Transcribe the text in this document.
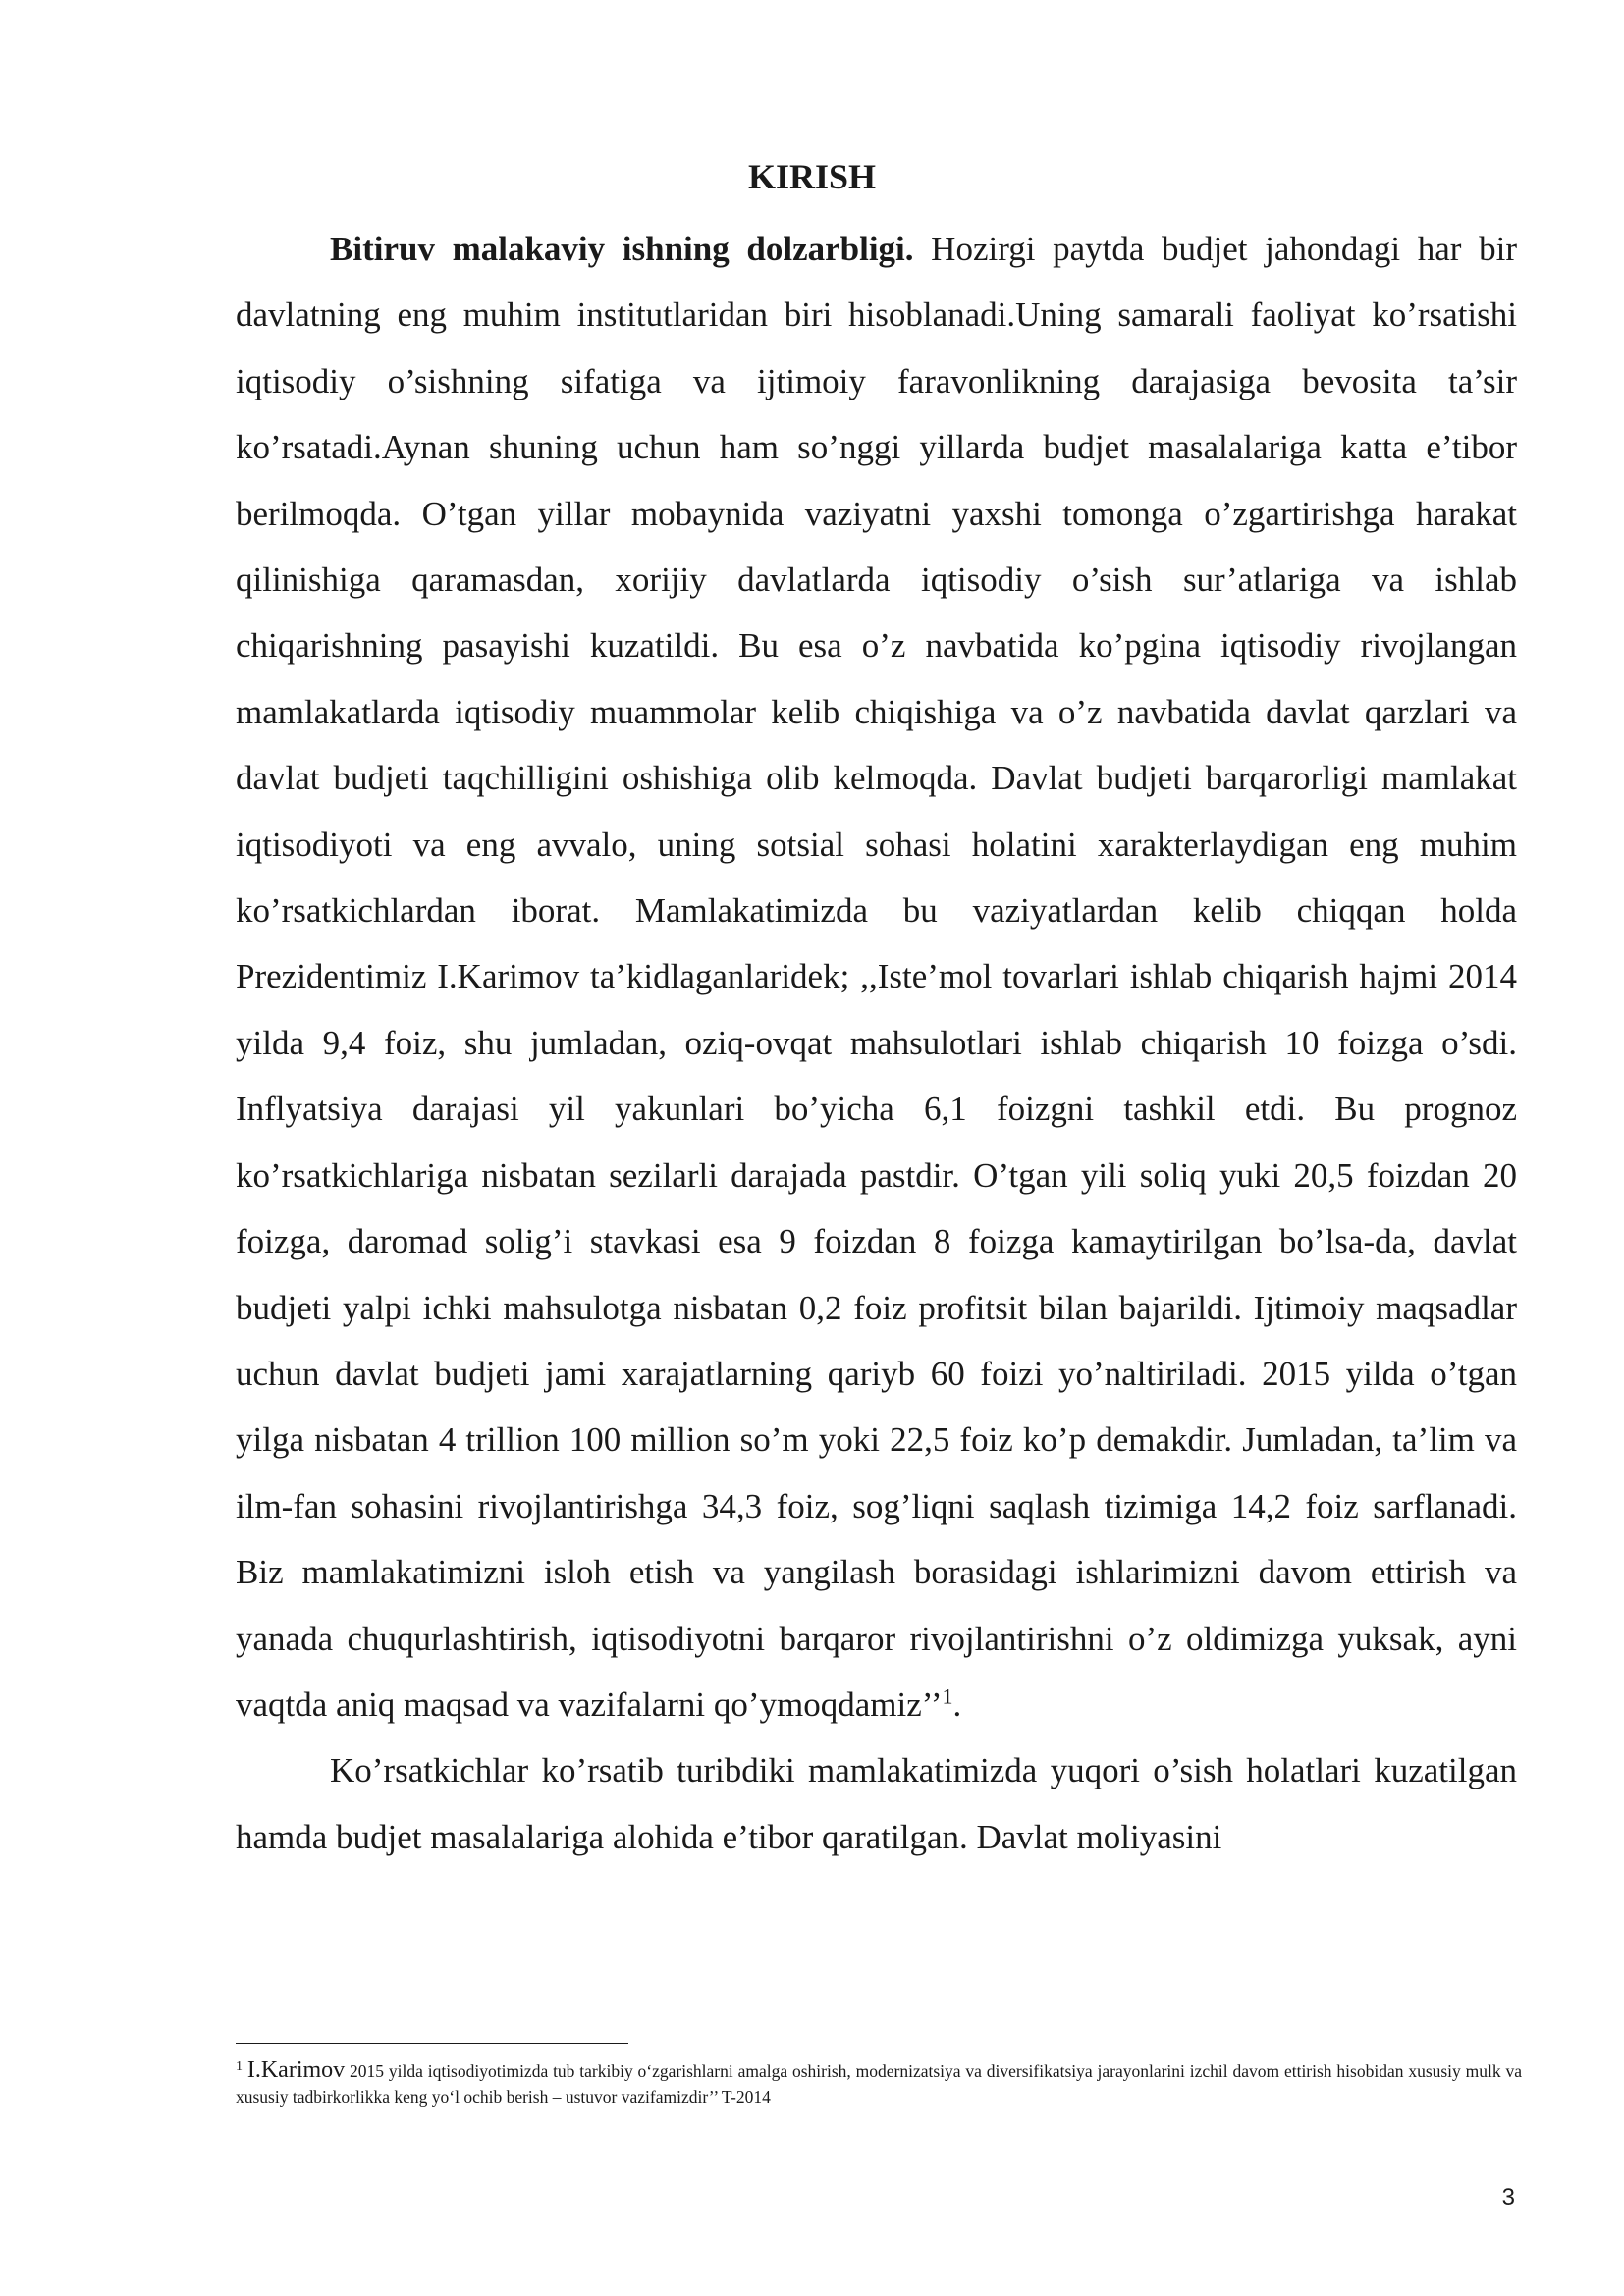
KIRISH

Bitiruv malakaviy ishning dolzarbligi. Hozirgi paytda budjet jahondagi har bir davlatning eng muhim institutlaridan biri hisoblanadi.Uning samarali faoliyat ko’rsatishi iqtisodiy o’sishning sifatiga va ijtimoiy faravonlikning darajasiga bevosita ta’sir ko’rsatadi.Aynan shuning uchun ham so’nggi yillarda budjet masalalariga katta e’tibor berilmoqda. O’tgan yillar mobaynida vaziyatni yaxshi tomonga o’zgartirishga harakat qilinishiga qaramasdan, xorijiy davlatlarda iqtisodiy o’sish sur’atlariga va ishlab chiqarishning pasayishi kuzatildi. Bu esa o’z navbatida ko’pgina iqtisodiy rivojlangan mamlakatlarda iqtisodiy muammolar kelib chiqishiga va o’z navbatida davlat qarzlari va davlat budjeti taqchilligini oshishiga olib kelmoqda. Davlat budjeti barqarorligi mamlakat iqtisodiyoti va eng avvalo, uning sotsial sohasi holatini xarakterlaydigan eng muhim ko’rsatkichlardan iborat. Mamlakatimizda bu vaziyatlardan kelib chiqqan holda Prezidentimiz I.Karimov ta’kidlaganlaridek; ,,Iste’mol tovarlari ishlab chiqarish hajmi 2014 yilda 9,4 foiz, shu jumladan, oziq-ovqat mahsulotlari ishlab chiqarish 10 foizga o’sdi. Inflyatsiya darajasi yil yakunlari bo’yicha 6,1 foizgni tashkil etdi. Bu prognoz ko’rsatkichlariga nisbatan sezilarli darajada pastdir. O’tgan yili soliq yuki 20,5 foizdan 20 foizga, daromad solig’i stavkasi esa 9 foizdan 8 foizga kamaytirilgan bo’lsa-da, davlat budjeti yalpi ichki mahsulotga nisbatan 0,2 foiz profitsit bilan bajarildi. Ijtimoiy maqsadlar uchun davlat budjeti jami xarajatlarning qariyb 60 foizi yo’naltiriladi. 2015 yilda o’tgan yilga nisbatan 4 trillion 100 million so’m yoki 22,5 foiz ko’p demakdir. Jumladan, ta’lim va ilm-fan sohasini rivojlantirishga 34,3 foiz, sog’liqni saqlash tizimiga 14,2 foiz sarflanadi. Biz mamlakatimizni isloh etish va yangilash borasidagi ishlarimizni davom ettirish va yanada chuqurlashtirish, iqtisodiyotni barqaror rivojlantirishni o’z oldimizga yuksak, ayni vaqtda aniq maqsad va vazifalarni qo’ymoqdamiz’’$^1$.

Ko’rsatkichlar ko’rsatib turibdiki mamlakatimizda yuqori o’sish holatlari kuzatilgan hamda budjet masalalariga alohida e’tibor qaratilgan. Davlat moliyasini

$^1$ I.Karimov 2015 yilda iqtisodiyotimizda tub tarkibiy o‘zgarishlarni amalga oshirish, modernizatsiya va diversifikatsiya jarayonlarini izchil davom ettirish hisobidan xususiy mulk va xususiy tadbirkorlikka keng yo‘l ochib berish – ustuvor vazifamizdir’’ T-2014

3
